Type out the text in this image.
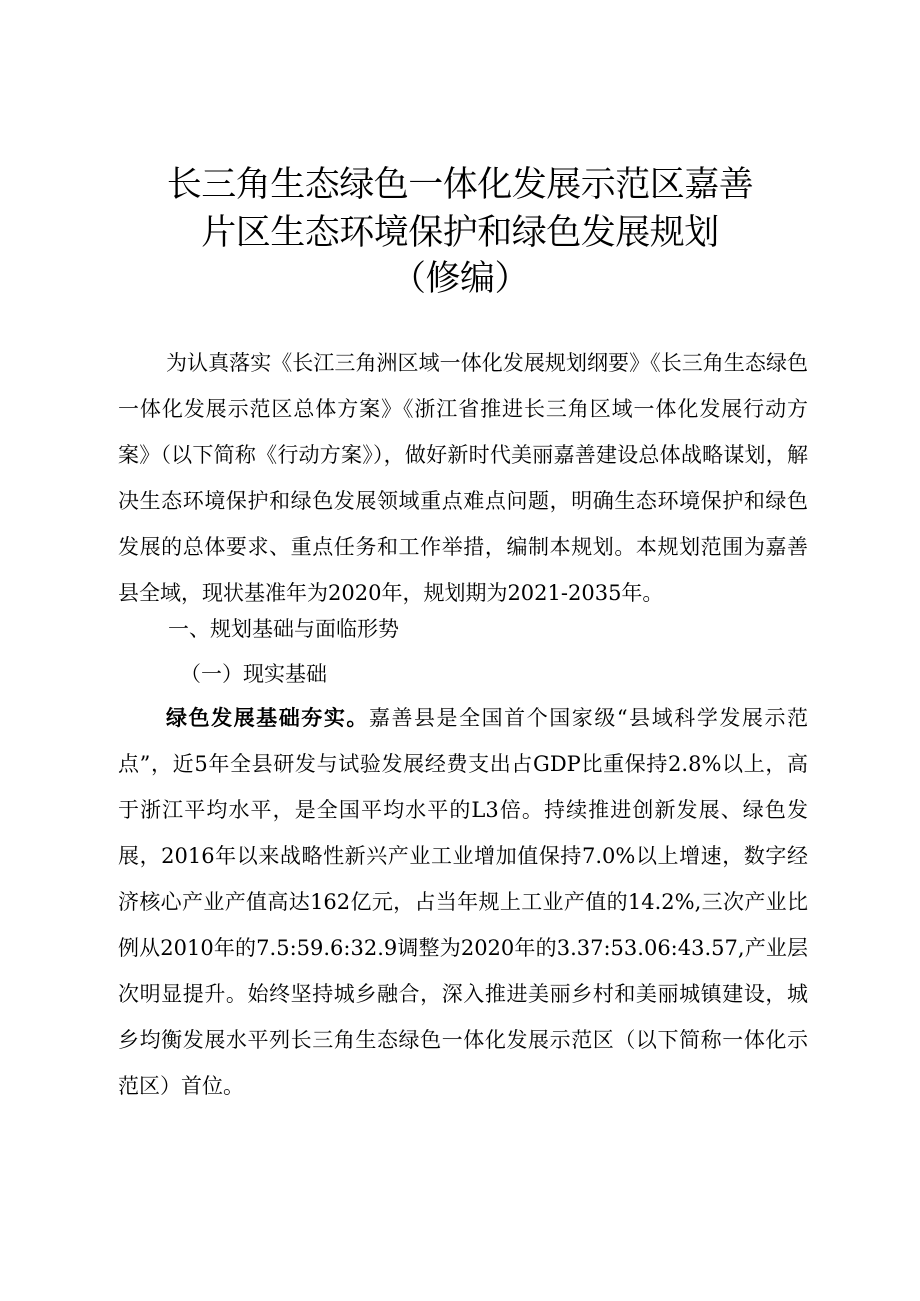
长三角生态绿色一体化发展示范区嘉善
片区生态环境保护和绿色发展规划
（修编）

为认真落实《长江三角洲区域一体化发展规划纲要》《长三角生态绿色一体化发展示范区总体方案》《浙江省推进长三角区域一体化发展行动方案》（以下简称《行动方案》），做好新时代美丽嘉善建设总体战略谋划，解决生态环境保护和绿色发展领域重点难点问题，明确生态环境保护和绿色发展的总体要求、重点任务和工作举措，编制本规划。本规划范围为嘉善县全域，现状基准年为2020年，规划期为2021-2035年。

一、规划基础与面临形势
（一）现实基础

绿色发展基础夯实。嘉善县是全国首个国家级“县域科学发展示范点”，近5年全县研发与试验发展经费支出占GDP比重保持2.8%以上，高于浙江平均水平，是全国平均水平的L3倍。持续推进创新发展、绿色发展，2016年以来战略性新兴产业工业增加值保持7.0%以上增速，数字经济核心产业产值高达162亿元，占当年规上工业产值的14.2%,三次产业比例从2010年的7.5:59.6:32.9调整为2020年的3.37:53.06:43.57,产业层次明显提升。始终坚持城乡融合，深入推进美丽乡村和美丽城镇建设，城乡均衡发展水平列长三角生态绿色一体化发展示范区（以下简称一体化示范区）首位。
